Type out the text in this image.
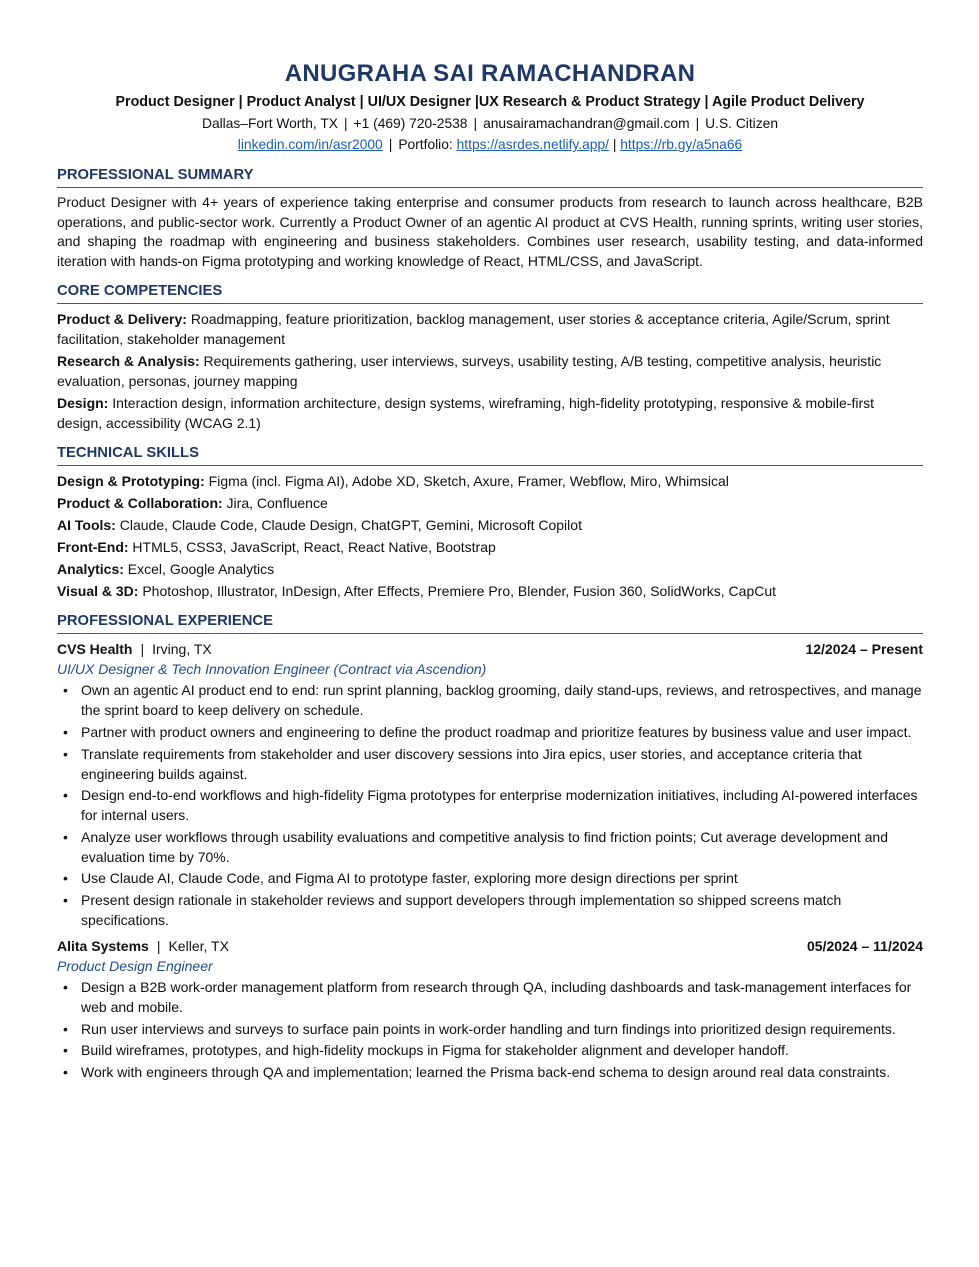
ANUGRAHA SAI RAMACHANDRAN
Product Designer | Product Analyst | UI/UX Designer |UX Research & Product Strategy | Agile Product Delivery
Dallas–Fort Worth, TX | +1 (469) 720-2538 | anusairamachandran@gmail.com | U.S. Citizen
linkedin.com/in/asr2000 | Portfolio: https://asrdes.netlify.app/ | https://rb.gy/a5na66
PROFESSIONAL SUMMARY

Product Designer with 4+ years of experience taking enterprise and consumer products from research to launch across healthcare, B2B operations, and public-sector work. Currently a Product Owner of an agentic AI product at CVS Health, running sprints, writing user stories, and shaping the roadmap with engineering and business stakeholders. Combines user research, usability testing, and data-informed iteration with hands-on Figma prototyping and working knowledge of React, HTML/CSS, and JavaScript.

CORE COMPETENCIES
Product & Delivery: Roadmapping, feature prioritization, backlog management, user stories & acceptance criteria, Agile/Scrum, sprint facilitation, stakeholder management
Research & Analysis: Requirements gathering, user interviews, surveys, usability testing, A/B testing, competitive analysis, heuristic evaluation, personas, journey mapping
Design: Interaction design, information architecture, design systems, wireframing, high-fidelity prototyping, responsive & mobile-first design, accessibility (WCAG 2.1)
TECHNICAL SKILLS
Design & Prototyping: Figma (incl. Figma AI), Adobe XD, Sketch, Axure, Framer, Webflow, Miro, Whimsical
Product & Collaboration: Jira, Confluence
AI Tools: Claude, Claude Code, Claude Design, ChatGPT, Gemini, Microsoft Copilot
Front-End: HTML5, CSS3, JavaScript, React, React Native, Bootstrap
Analytics: Excel, Google Analytics
Visual & 3D: Photoshop, Illustrator, InDesign, After Effects, Premiere Pro, Blender, Fusion 360, SolidWorks, CapCut
PROFESSIONAL EXPERIENCE
CVS Health | Irving, TX	12/2024 – Present
UI/UX Designer & Tech Innovation Engineer (Contract via Ascendion)
• Own an agentic AI product end to end: run sprint planning, backlog grooming, daily stand-ups, reviews, and retrospectives, and manage the sprint board to keep delivery on schedule.
• Partner with product owners and engineering to define the product roadmap and prioritize features by business value and user impact.
• Translate requirements from stakeholder and user discovery sessions into Jira epics, user stories, and acceptance criteria that engineering builds against.
• Design end-to-end workflows and high-fidelity Figma prototypes for enterprise modernization initiatives, including AI-powered interfaces for internal users.
• Analyze user workflows through usability evaluations and competitive analysis to find friction points; Cut average development and evaluation time by 70%.
• Use Claude AI, Claude Code, and Figma AI to prototype faster, exploring more design directions per sprint
• Present design rationale in stakeholder reviews and support developers through implementation so shipped screens match specifications.
Alita Systems | Keller, TX	05/2024 – 11/2024
Product Design Engineer
• Design a B2B work-order management platform from research through QA, including dashboards and task-management interfaces for web and mobile.
• Run user interviews and surveys to surface pain points in work-order handling and turn findings into prioritized design requirements.
• Build wireframes, prototypes, and high-fidelity mockups in Figma for stakeholder alignment and developer handoff.
• Work with engineers through QA and implementation; learned the Prisma back-end schema to design around real data constraints.
